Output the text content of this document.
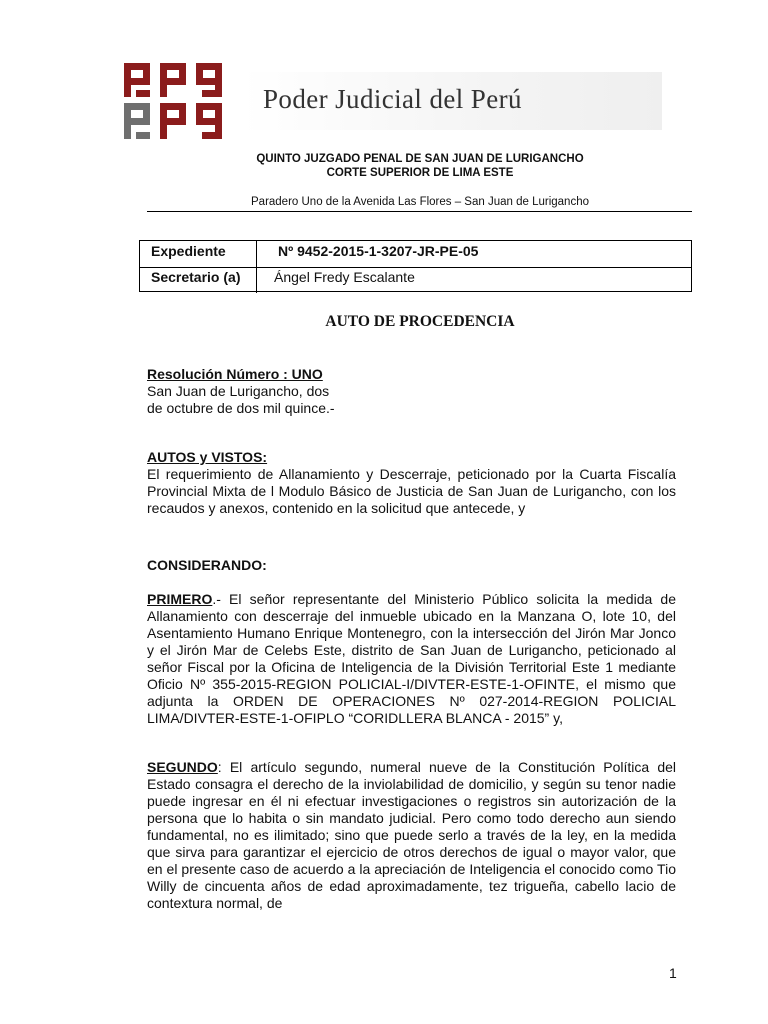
Poder Judicial del Perú

QUINTO JUZGADO PENAL DE SAN JUAN DE LURIGANCHO

CORTE SUPERIOR DE LIMA ESTE

Paradero Uno de la Avenida Las Flores – San Juan de Lurigancho

Expediente	Nº 9452-2015-1-3207-JR-PE-05
Secretario (a) Ángel Fredy Escalante
AUTO DE PROCEDENCIA

Resolución Número : UNO

San Juan de Lurigancho, dos

de octubre de dos mil quince.-

AUTOS y VISTOS:

El requerimiento de Allanamiento y Descerraje, peticionado por la Cuarta Fiscalía Provincial Mixta de l Modulo Básico de Justicia de San Juan de Lurigancho, con los recaudos y anexos, contenido en la solicitud que antecede, y

CONSIDERANDO:

PRIMERO.- El señor representante del Ministerio Público solicita la medida de Allanamiento con descerraje del inmueble ubicado en la Manzana O, lote 10, del Asentamiento Humano Enrique Montenegro, con la intersección del Jirón Mar Jonco y el Jirón Mar de Celebs Este, distrito de San Juan de Lurigancho, peticionado al señor Fiscal por la Oficina de Inteligencia de la División Territorial Este 1 mediante Oficio Nº 355-2015-REGION POLICIAL-I/DIVTER-ESTE-1-OFINTE, el mismo que adjunta la ORDEN DE OPERACIONES Nº 027-2014-REGION POLICIAL LIMA/DIVTER-ESTE-1-OFIPLO “CORIDLLERA BLANCA - 2015” y,

SEGUNDO: El artículo segundo, numeral nueve de la Constitución Política del Estado consagra el derecho de la inviolabilidad de domicilio, y según su tenor nadie puede ingresar en él ni efectuar investigaciones o registros sin autorización de la persona que lo habita o sin mandato judicial. Pero como todo derecho aun siendo fundamental, no es ilimitado; sino que puede serlo a través de la ley, en la medida que sirva para garantizar el ejercicio de otros derechos de igual o mayor valor, que en el presente caso de acuerdo a la apreciación de Inteligencia el conocido como Tio Willy de cincuenta años de edad aproximadamente, tez trigueña, cabello lacio de contextura normal, de

1
